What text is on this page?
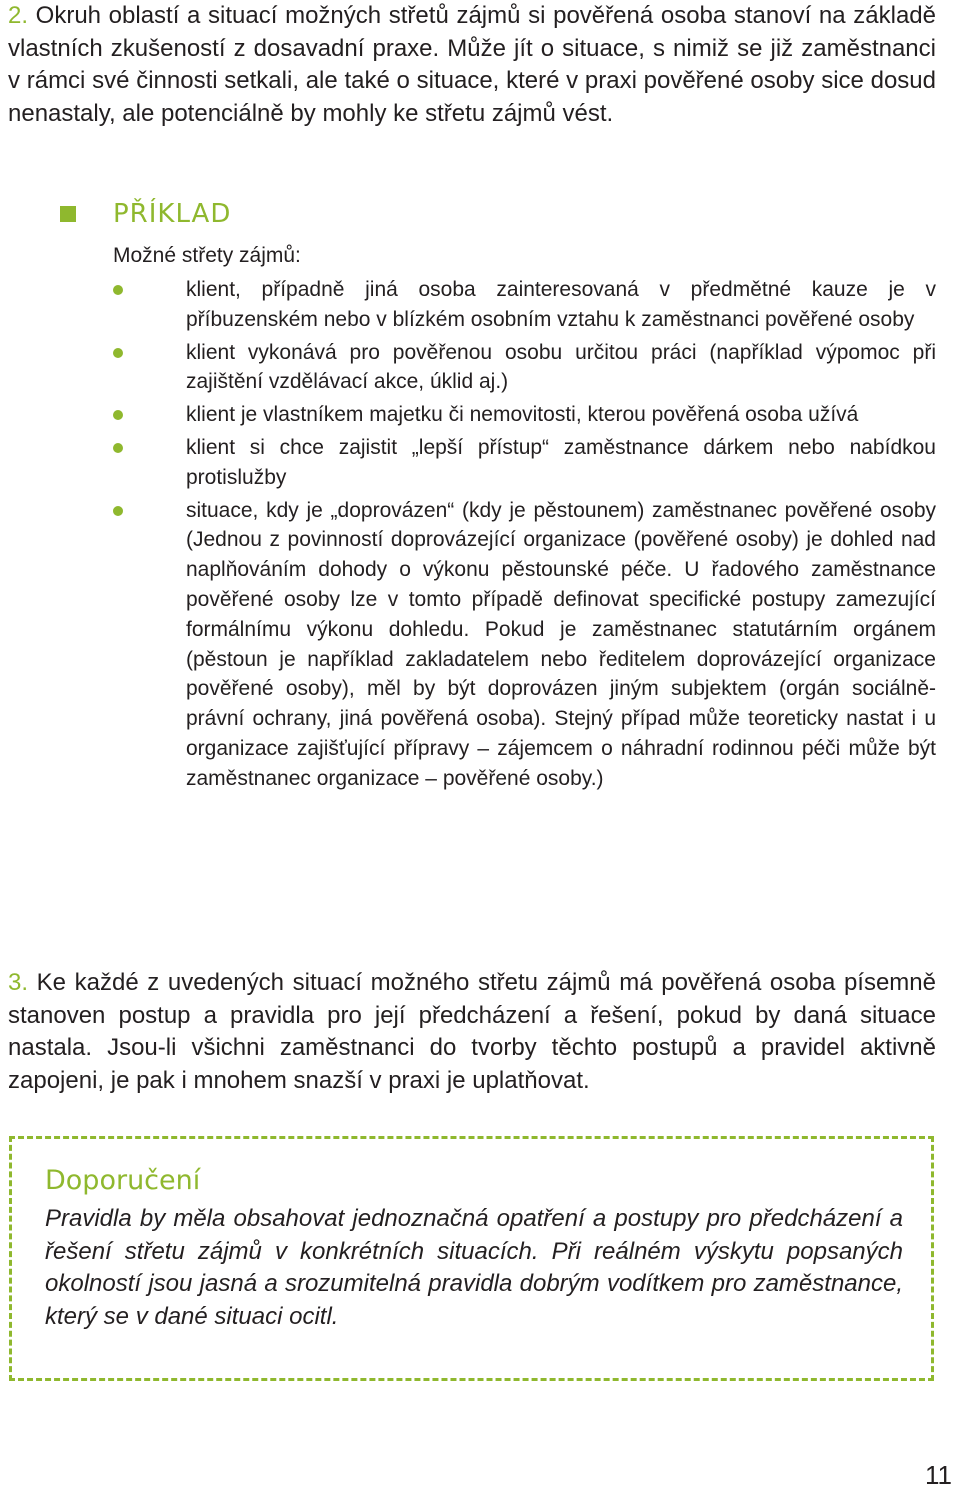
2. Okruh oblastí a situací možných střetů zájmů si pověřená osoba stanoví na základě vlastních zkušeností z dosavadní praxe. Může jít o situace, s nimiž se již zaměstnanci v rámci své činnosti setkali, ale také o situace, které v praxi pověřené osoby sice dosud nenastaly, ale potenciálně by mohly ke střetu zájmů vést.

PŘÍKLAD
Možné střety zájmů:
klient, případně jiná osoba zainteresovaná v předmětné kauze je v příbuzenském nebo v blízkém osobním vztahu k zaměstnanci pověřené osoby
klient vykonává pro pověřenou osobu určitou práci (například výpomoc při zajištění vzdělávací akce, úklid aj.)
klient je vlastníkem majetku či nemovitosti, kterou pověřená osoba užívá
klient si chce zajistit „lepší přístup“ zaměstnance dárkem nebo nabídkou protislužby
situace, kdy je „doprovázen“ (kdy je pěstounem) zaměstnanec pověřené osoby (Jednou z povinností doprovázející organizace (pověřené osoby) je dohled nad naplňováním dohody o výkonu pěstounské péče. U řadového zaměstnance pověřené osoby lze v tomto případě definovat specifické postupy zamezující formálnímu výkonu dohledu. Pokud je zaměstnanec statutárním orgánem (pěstoun je například zakladatelem nebo ředitelem doprovázející organizace pověřené osoby), měl by být doprovázen jiným subjektem (orgán sociálně-právní ochrany, jiná pověřená osoba). Stejný případ může teoreticky nastat i u organizace zajišťující přípravy – zájemcem o náhradní rodinnou péči může být zaměstnanec organizace – pověřené osoby.)

3. Ke každé z uvedených situací možného střetu zájmů má pověřená osoba písemně stanoven postup a pravidla pro její předcházení a řešení, pokud by daná situace nastala. Jsou-li všichni zaměstnanci do tvorby těchto postupů a pravidel aktivně zapojeni, je pak i mnohem snazší v praxi je uplatňovat.

Doporučení
Pravidla by měla obsahovat jednoznačná opatření a postupy pro předcházení a řešení střetu zájmů v konkrétních situacích. Při reálném výskytu popsaných okolností jsou jasná a srozumitelná pravidla dobrým vodítkem pro zaměstnance, který se v dané situaci ocitl.
11
